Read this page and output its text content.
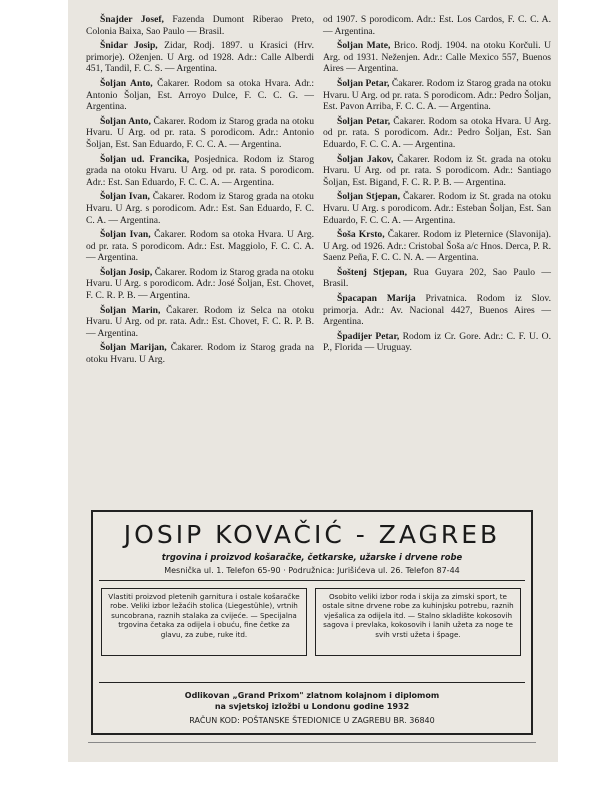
Šnajder Josef, Fazenda Dumont Riberao Preto, Colonia Baixa, Sao Paulo — Brasil.

Šnidar Josip, Zidar, Rodj. 1897. u Krasici (Hrv. primorje). Oženjen. U Arg. od 1928. Adr.: Calle Alberdi 451, Tandil, F. C. S. — Argentina.

Šoljan Anto, Čakarer. Rodom sa otoka Hvara. Adr.: Antonio Šoljan, Est. Arroyo Dulce, F. C. C. G. — Argentina.

Šoljan Anto, Čakarer. Rodom iz Starog grada na otoku Hvaru. U Arg. od pr. rata. S porodicom. Adr.: Antonio Šoljan, Est. San Eduardo, F. C. C. A. — Argentina.

Šoljan ud. Francika, Posjednica. Rodom iz Starog grada na otoku Hvaru. U Arg. od pr. rata. S porodicom. Adr.: Est. San Eduardo, F. C. C. A. — Argentina.

Šoljan Ivan, Čakarer. Rodom iz Starog grada na otoku Hvaru. U Arg. s porodicom. Adr.: Est. San Eduardo, F. C. C. A. — Argentina.

Šoljan Ivan, Čakarer. Rodom sa otoka Hvara. U Arg. od pr. rata. S porodicom. Adr.: Est. Maggiolo, F. C. C. A. — Argentina.

Šoljan Josip, Čakarer. Rodom iz Starog grada na otoku Hvaru. U Arg. s porodicom. Adr.: José Šoljan, Est. Chovet, F. C. R. P. B. — Argentina.

Šoljan Marin, Čakarer. Rodom iz Selca na otoku Hvaru. U Arg. od pr. rata. Adr.: Est. Chovet, F. C. R. P. B. — Argentina.

Šoljan Marijan, Čakarer. Rodom iz Starog grada na otoku Hvaru. U Arg.

od 1907. S porodicom. Adr.: Est. Los Cardos, F. C. C. A. — Argentina.

Šoljan Mate, Brico. Rodj. 1904. na otoku Korčuli. U Arg. od 1931. Neženjen. Adr.: Calle Mexico 557, Buenos Aires — Argentina.

Šoljan Petar, Čakarer. Rodom iz Starog grada na otoku Hvaru. U Arg. od pr. rata. S porodicom. Adr.: Pedro Šoljan, Est. Pavon Arriba, F. C. C. A. — Argentina.

Šoljan Petar, Čakarer. Rodom sa otoka Hvara. U Arg. od pr. rata. S porodicom. Adr.: Pedro Šoljan, Est. San Eduardo, F. C. C. A. — Argentina.

Šoljan Jakov, Čakarer. Rodom iz St. grada na otoku Hvaru. U Arg. od pr. rata. S porodicom. Adr.: Santiago Šoljan, Est. Bigand, F. C. R. P. B. — Argentina.

Šoljan Stjepan, Čakarer. Rodom iz St. grada na otoku Hvaru. U Arg. s porodicom. Adr.: Esteban Šoljan, Est. San Eduardo, F. C. C. A. — Argentina.

Šoša Krsto, Čakarer. Rodom iz Pleternice (Slavonija). U Arg. od 1926. Adr.: Cristobal Šoša a/c Hnos. Derca, P. R. Saenz Peña, F. C. C. N. A. — Argentina.

Šoštenj Stjepan, Rua Guyara 202, Sao Paulo — Brasil.

Špacapan Marija Privatnica. Rodom iz Slov. primorja. Adr.: Av. Nacional 4427, Buenos Aires — Argentina.

Špadijer Petar, Rodom iz Cr. Gore. Adr.: C. F. U. O. P., Florida — Uruguay.

JOSIP KOVAČIĆ - ZAGREB
trgovina i proizvod košaračke, četkarske, užarske i drvene robe
Mesnička ul. 1. Telefon 65-90 · Podružnica: Jurišićeva ul. 26. Telefon 87-44
Vlastiti proizvod pletenih garnitura i ostale košaračke robe. Veliki izbor ležaćih stolica (Liegestühle), vrtnih suncobrana, raznih stalaka za cvijeće. — Specijalna trgovina četaka za odijela i obuću, fine četke za glavu, za zube, ruke itd.
Osobito veliki izbor roda i skija za zimski sport, te ostale sitne drvene robe za kuhinjsku potrebu, raznih vješalica za odijela itd. — Stalno skladište kokosovih sagova i prevlaka, kokosovih i lanih užeta za noge te svih vrsti užeta i špage.
Odlikovan „Grand Prixom" zlatnom kolajnom i diplomom
na svjetskoj izložbi u Londonu godine 1932
RAČUN KOD: POŠTANSKE ŠTEDIONICE U ZAGREBU BR. 36840
